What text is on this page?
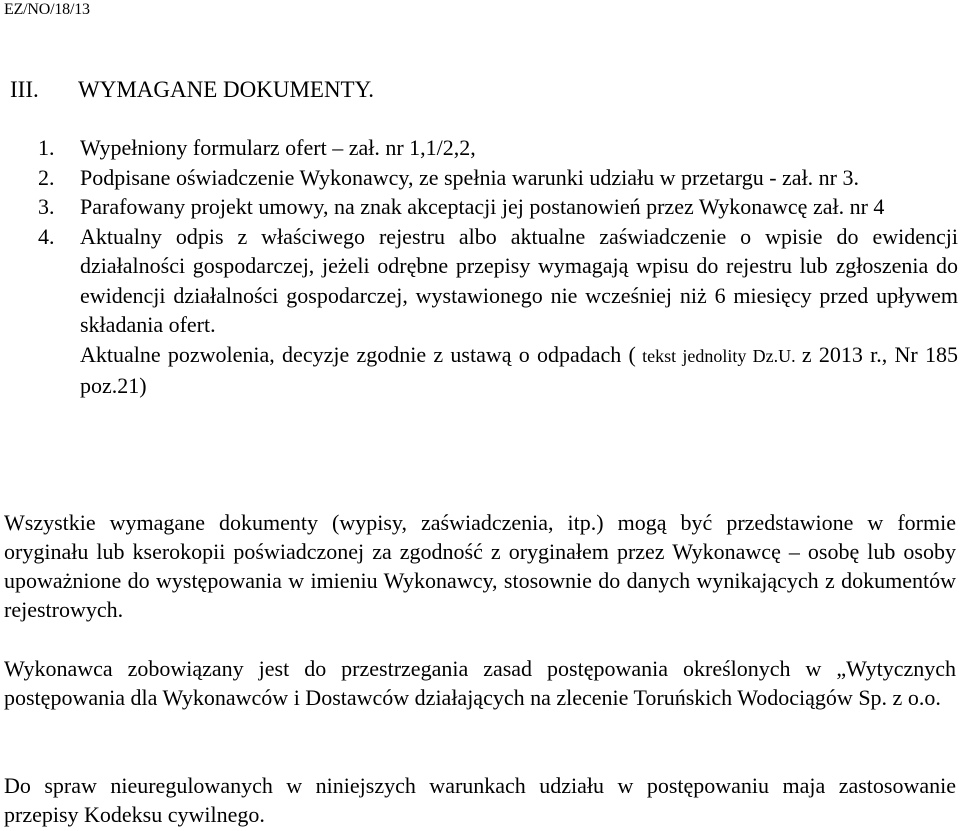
EZ/NO/18/13
III. WYMAGANE DOKUMENTY.
1. Wypełniony formularz ofert – zał. nr 1,1/2,2,
2. Podpisane oświadczenie Wykonawcy, ze spełnia warunki udziału w przetargu - zał. nr 3.
3. Parafowany projekt umowy, na znak akceptacji jej postanowień przez Wykonawcę zał. nr 4
4. Aktualny odpis z właściwego rejestru albo aktualne zaświadczenie o wpisie do ewidencji działalności gospodarczej, jeżeli odrębne przepisy wymagają wpisu do rejestru lub zgłoszenia do ewidencji działalności gospodarczej, wystawionego nie wcześniej niż 6 miesięcy przed upływem składania ofert.
Aktualne pozwolenia, decyzje zgodnie z ustawą o odpadach ( tekst jednolity Dz.U. z 2013 r., Nr 185 poz.21)

Wszystkie wymagane dokumenty (wypisy, zaświadczenia, itp.) mogą być przedstawione w formie oryginału lub kserokopii poświadczonej za zgodność z oryginałem przez Wykonawcę – osobę lub osoby upoważnione do występowania w imieniu Wykonawcy, stosownie do danych wynikających z dokumentów rejestrowych.

Wykonawca zobowiązany jest do przestrzegania zasad postępowania określonych w „Wytycznych postępowania dla Wykonawców i Dostawców działających na zlecenie Toruńskich Wodociągów Sp. z o.o.

Do spraw nieuregulowanych w niniejszych warunkach udziału w postępowaniu maja zastosowanie przepisy Kodeksu cywilnego.
